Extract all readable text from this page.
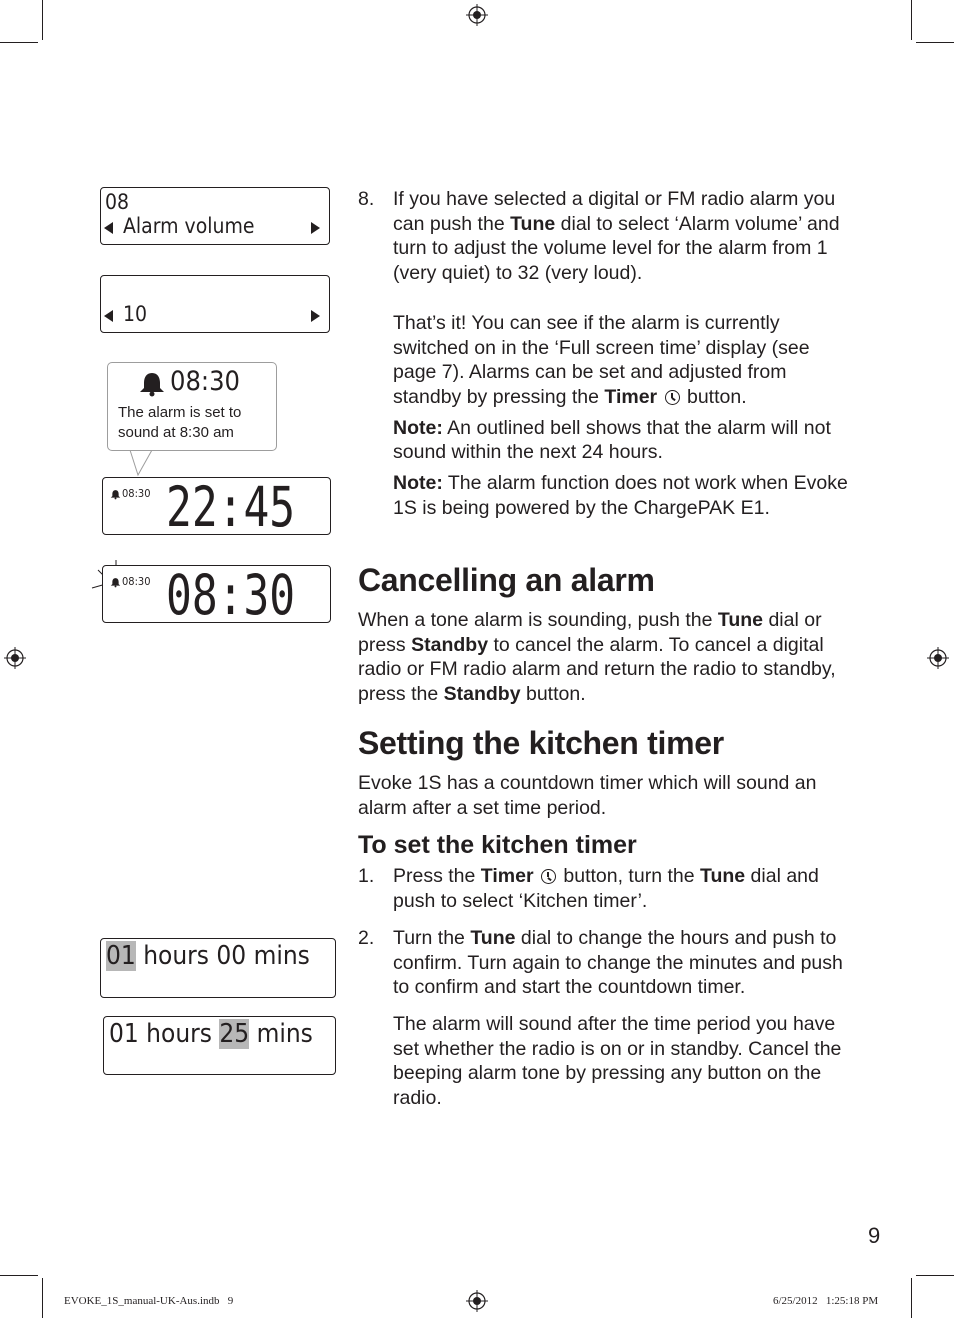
08
Alarm volume
10
08:30
The alarm is set to
sound at 8:30 am
08:30 22:45
08:30 08:30
01 hours 00 mins
01 hours 25 mins
8. If you have selected a digital or FM radio alarm you can push the Tune dial to select ‘Alarm volume’ and turn to adjust the volume level for the alarm from 1 (very quiet) to 32 (very loud).

That’s it! You can see if the alarm is currently switched on in the ‘Full screen time’ display (see page 7). Alarms can be set and adjusted from standby by pressing the Timer  button.

Note: An outlined bell shows that the alarm will not sound within the next 24 hours.

Note: The alarm function does not work when Evoke 1S is being powered by the ChargePAK E1.

Cancelling an alarm

When a tone alarm is sounding, push the Tune dial or press Standby to cancel the alarm. To cancel a digital radio or FM radio alarm and return the radio to standby, press the Standby button.

Setting the kitchen timer

Evoke 1S has a countdown timer which will sound an alarm after a set time period.

To set the kitchen timer
1. Press the Timer  button, turn the Tune dial and push to select ‘Kitchen timer’.

2. Turn the Tune dial to change the hours and push to confirm. Turn again to change the minutes and push to confirm and start the countdown timer.

The alarm will sound after the time period you have set whether the radio is on or in standby. Cancel the beeping alarm tone by pressing any button on the radio.

9
EVOKE_1S_manual-UK-Aus.indb   9	6/25/2012   1:25:18 PM
